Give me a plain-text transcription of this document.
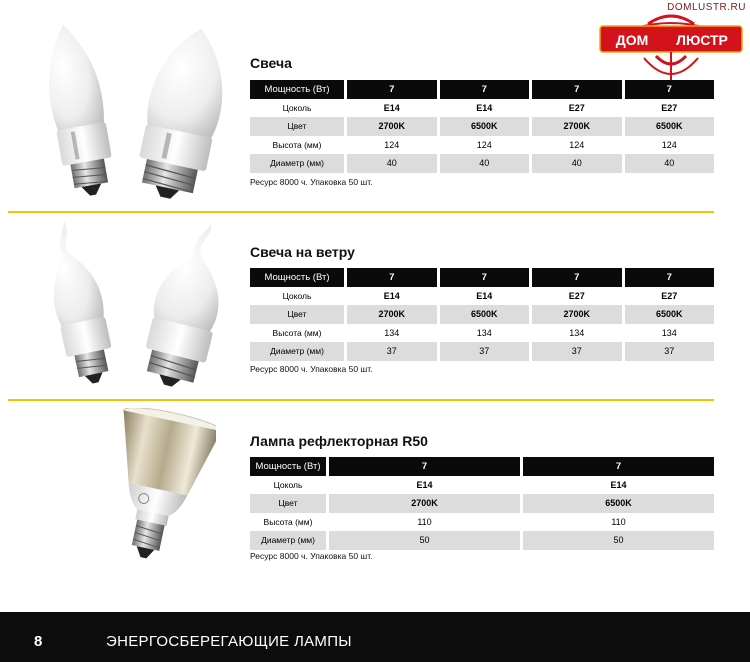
DOMLUSTR.RU
ДОМ ЛЮСТР
Свеча
Мощность (Вт)		7		7		7		7
Цоколь		E14		E14		E27		E27
Цвет		2700K		6500K		2700K		6500K
Высота (мм)		124		124		124		124
Диаметр (мм)		40		40		40		40
Ресурс 8000 ч. Упаковка 50 шт.
Свеча на ветру
Мощность (Вт)		7		7		7		7
Цоколь		E14		E14		E27		E27
Цвет		2700K		6500K		2700K		6500K
Высота (мм)		134		134		134		134
Диаметр (мм)		37		37		37		37
Ресурс 8000 ч. Упаковка 50 шт.
Лампа рефлекторная R50
Мощность (Вт)		7		7
Цоколь		E14		E14
Цвет		2700K		6500K
Высота (мм)		110		110
Диаметр (мм)		50		50
Ресурс 8000 ч. Упаковка 50 шт.
8	ЭНЕРГОСБЕРЕГАЮЩИЕ ЛАМПЫ
